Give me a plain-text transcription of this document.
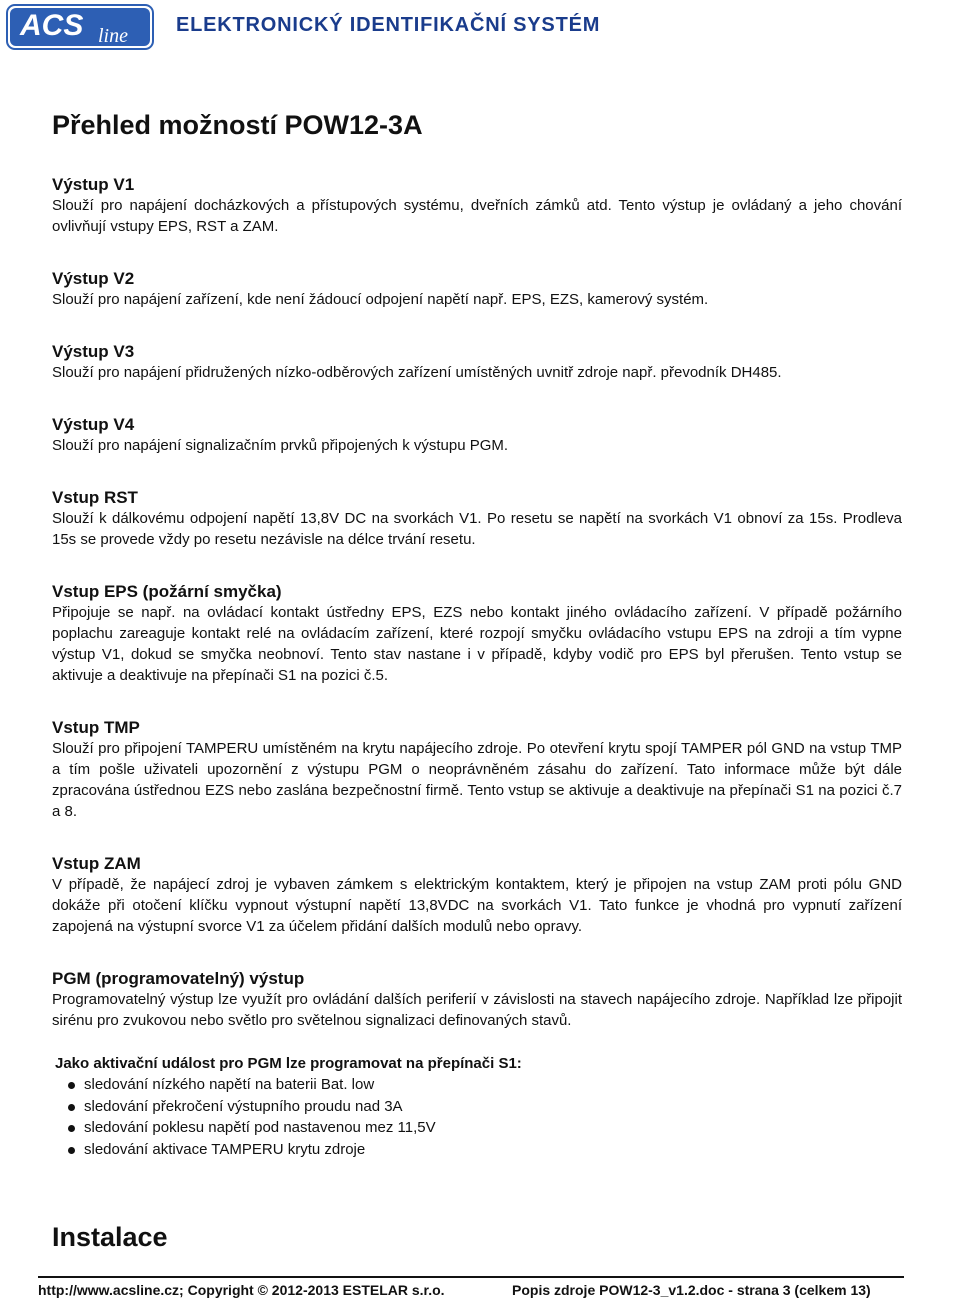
ACS line ELEKTRONICKÝ IDENTIFIKAČNÍ SYSTÉM
Přehled možností POW12-3A
Výstup V1

Slouží pro napájení docházkových a přístupových systému, dveřních zámků atd. Tento výstup je ovládaný a jeho chování ovlivňují vstupy EPS, RST a ZAM.

Výstup V2

Slouží pro napájení zařízení, kde není žádoucí odpojení napětí např. EPS, EZS, kamerový systém.

Výstup V3

Slouží pro napájení přidružených nízko-odběrových zařízení umístěných uvnitř zdroje např. převodník DH485.

Výstup V4

Slouží pro napájení signalizačním prvků připojených k výstupu PGM.

Vstup RST

Slouží k dálkovému odpojení napětí 13,8V DC na svorkách V1. Po resetu se napětí na svorkách V1 obnoví za 15s. Prodleva 15s se provede vždy po resetu nezávisle na délce trvání resetu.

Vstup EPS (požární smyčka)

Připojuje se např. na ovládací kontakt ústředny EPS, EZS nebo kontakt jiného ovládacího zařízení. V případě požárního poplachu zareaguje kontakt relé na ovládacím zařízení, které rozpojí smyčku ovládacího vstupu EPS na zdroji a tím vypne výstup V1, dokud se smyčka neobnoví. Tento stav nastane i v případě, kdyby vodič pro EPS byl přerušen. Tento vstup se aktivuje a deaktivuje na přepínači S1 na pozici č.5.

Vstup TMP

Slouží pro připojení TAMPERU umístěném na krytu napájecího zdroje. Po otevření krytu spojí TAMPER pól GND na vstup TMP a tím pošle uživateli upozornění z výstupu PGM o neoprávněném zásahu do zařízení. Tato informace může být dále zpracována ústřednou EZS nebo zaslána bezpečnostní firmě. Tento vstup se aktivuje a deaktivuje na přepínači S1 na pozici č.7 a 8.

Vstup ZAM

V případě, že napájecí zdroj je vybaven zámkem s elektrickým kontaktem, který je připojen na vstup ZAM proti pólu GND dokáže při otočení klíčku vypnout výstupní napětí 13,8VDC na svorkách V1. Tato funkce je vhodná pro vypnutí zařízení zapojená na výstupní svorce V1 za účelem přidání dalších modulů nebo opravy.

PGM (programovatelný) výstup

Programovatelný výstup lze využít pro ovládání dalších periferií v závislosti na stavech napájecího zdroje. Například lze připojit sirénu pro zvukovou nebo světlo pro světelnou signalizaci definovaných stavů.

Jako aktivační událost pro PGM lze programovat na přepínači S1:
sledování nízkého napětí na baterii Bat. low
sledování překročení výstupního proudu nad 3A
sledování poklesu napětí pod nastavenou mez 11,5V
sledování aktivace TAMPERU krytu zdroje
Instalace
http://www.acsline.cz; Copyright © 2012-2013 ESTELAR s.r.o.	Popis zdroje POW12-3_v1.2.doc - strana 3 (celkem 13)
